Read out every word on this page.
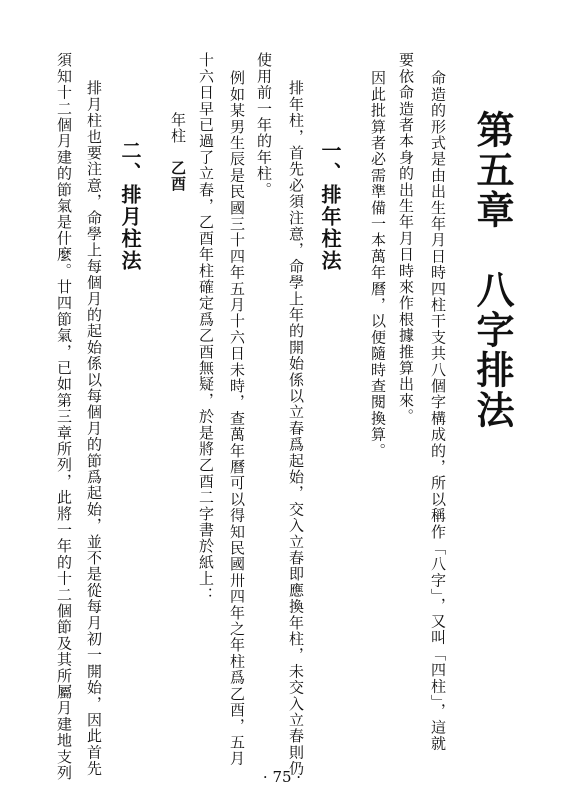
第五章　八字排法
命造的形式是由出生年月日時四柱干支共八個字構成的，所以稱作「八字」，又叫「四柱」，這就
要依命造者本身的出生年月日時來作根據推算出來。
因此批算者必需準備一本萬年曆，以便隨時查閱換算。
一、排年柱法
排年柱，首先必須注意，命學上年的開始係以立春爲起始，交入立春即應換年柱，未交入立春則仍
使用前一年的年柱。
例如某男生辰是民國三十四年五月十六日未時，查萬年曆可以得知民國卅四年之年柱爲乙酉，五月
十六日早已過了立春，乙酉年柱確定爲乙酉無疑，於是將乙酉二字書於紙上：
年柱
乙酉
二、排月柱法
排月柱也要注意，命學上每個月的起始係以每個月的節爲起始，並不是從每月初一開始，因此首先
須知十二個月建的節氣是什麼。廿四節氣，已如第三章所列，此將一年的十二個節及其所屬月建地支列	· 75 ·
